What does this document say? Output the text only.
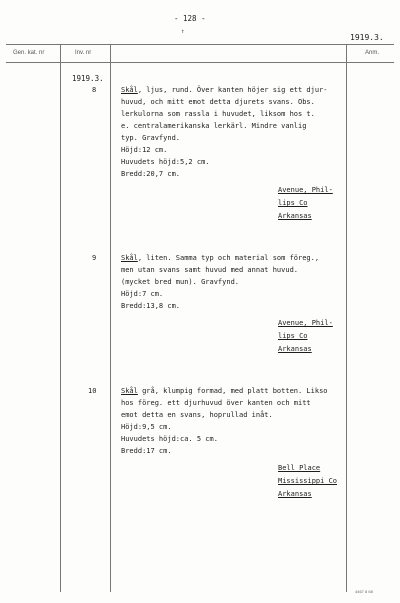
- 128 -
↑
1919.3.
Gen. kat. nr	Inv. nr	Anm.
1919.3.
8	Skål, ljus, rund. Över kanten höjer sig ett djur-
huvud, och mitt emot detta djurets svans. Obs.
lerkulorna som rassla i huvudet, liksom hos t.
e. centralamerikanska lerkärl. Mindre vanlig
typ. Gravfynd.
Höjd:12 cm.
Huvudets höjd:5,2 cm.
Bredd:20,7 cm.
Avenue, Phil-
lips Co
Arkansas
9	Skål, liten. Samma typ och material som föreg.,
men utan svans samt huvud med annat huvud.
(mycket bred mun). Gravfynd.
Höjd:7 cm.
Bredd:13,8 cm.
Avenue, Phil-
lips Co
Arkansas
10	Skål grå, klumpig formad, med platt botten. Likso
hos föreg. ett djurhuvud över kanten och mitt
emot detta en svans, hoprullad inåt.
Höjd:9,5 cm.
Huvudets höjd:ca. 5 cm.
Bredd:17 cm.
Bell Place
Mississippi Co
Arkansas
4467 8 68
